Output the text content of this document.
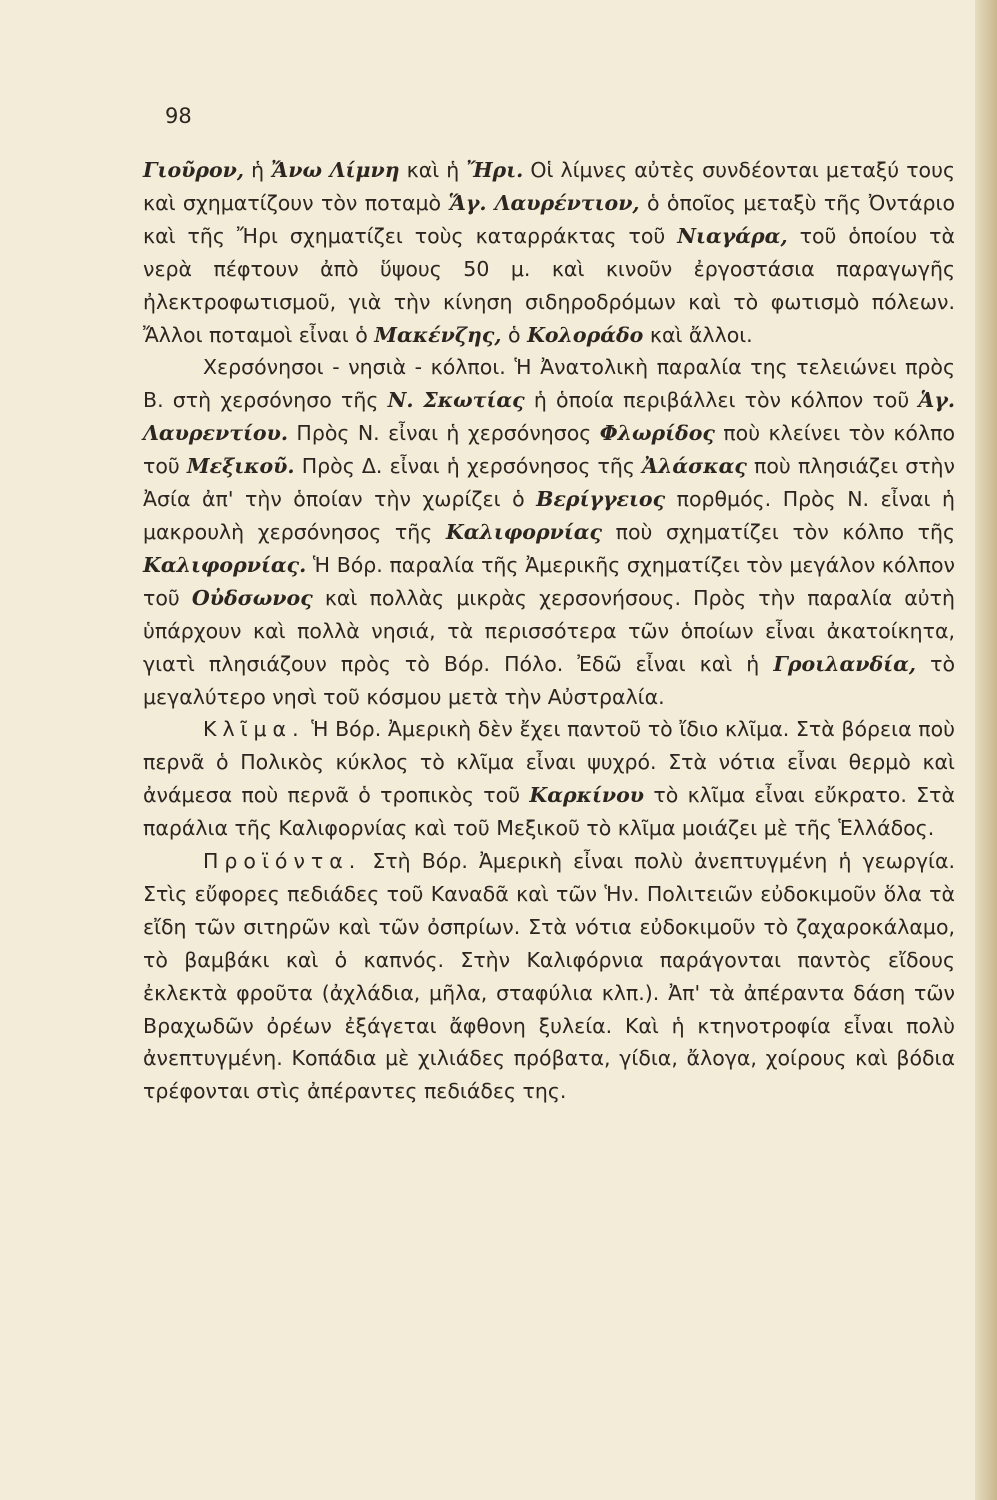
98

Γιοῦρον, ἡ Ἄνω Λίμνη καὶ ἡ Ἤρι. Οἱ λίμνες αὐτὲς συνδέονται μεταξύ τους καὶ σχηματίζουν τὸν ποταμὸ Ἅγ. Λαυρέντιον, ὁ ὁποῖος μεταξὺ τῆς Ὀντάριο καὶ τῆς Ἤρι σχηματίζει τοὺς καταρράκτας τοῦ Νιαγάρα, τοῦ ὁποίου τὰ νερὰ πέφτουν ἀπὸ ὕψους 50 μ. καὶ κινοῦν ἐργοστάσια παραγωγῆς ἠλεκτροφωτισμοῦ, γιὰ τὴν κίνηση σιδηροδρόμων καὶ τὸ φωτισμὸ πόλεων. Ἄλλοι ποταμοὶ εἶναι ὁ Μακένζης, ὁ Κολοράδο καὶ ἄλλοι.

Χερσόνησοι - νησιὰ - κόλποι. Ἡ Ἀνατολικὴ παραλία της τελειώνει πρὸς Β. στὴ χερσόνησο τῆς Ν. Σκωτίας ἡ ὁποία περιβάλλει τὸν κόλπον τοῦ Ἁγ. Λαυρεντίου. Πρὸς Ν. εἶναι ἡ χερσόνησος Φλωρίδος ποὺ κλείνει τὸν κόλπο τοῦ Μεξικοῦ. Πρὸς Δ. εἶναι ἡ χερσόνησος τῆς Ἀλάσκας ποὺ πλησιάζει στὴν Ἀσία ἀπ' τὴν ὁποίαν τὴν χωρίζει ὁ Βερίγγειος πορθμός. Πρὸς Ν. εἶναι ἡ μακρουλὴ χερσόνησος τῆς Καλιφορνίας ποὺ σχηματίζει τὸν κόλπο τῆς Καλιφορνίας. Ἡ Βόρ. παραλία τῆς Ἀμερικῆς σχηματίζει τὸν μεγάλον κόλπον τοῦ Οὐδσωνος καὶ πολλὰς μικρὰς χερσονήσους. Πρὸς τὴν παραλία αὐτὴ ὑπάρχουν καὶ πολλὰ νησιά, τὰ περισσότερα τῶν ὁποίων εἶναι ἀκατοίκητα, γιατὶ πλησιάζουν πρὸς τὸ Βόρ. Πόλο. Ἐδῶ εἶναι καὶ ἡ Γροιλανδία, τὸ μεγαλύτερο νησὶ τοῦ κόσμου μετὰ τὴν Αὐστραλία.

Κλῖμα. Ἡ Βόρ. Ἀμερικὴ δὲν ἔχει παντοῦ τὸ ἴδιο κλῖμα. Στὰ βόρεια ποὺ περνᾶ ὁ Πολικὸς κύκλος τὸ κλῖμα εἶναι ψυχρό. Στὰ νότια εἶναι θερμὸ καὶ ἀνάμεσα ποὺ περνᾶ ὁ τροπικὸς τοῦ Καρκίνου τὸ κλῖμα εἶναι εὔκρατο. Στὰ παράλια τῆς Καλιφορνίας καὶ τοῦ Μεξικοῦ τὸ κλῖμα μοιάζει μὲ τῆς Ἑλλάδος.

Προϊόντα. Στὴ Βόρ. Ἀμερικὴ εἶναι πολὺ ἀνεπτυγμένη ἡ γεωργία. Στὶς εὔφορες πεδιάδες τοῦ Καναδᾶ καὶ τῶν Ἡν. Πολιτειῶν εὐδοκιμοῦν ὅλα τὰ εἴδη τῶν σιτηρῶν καὶ τῶν ὀσπρίων. Στὰ νότια εὐδοκιμοῦν τὸ ζαχαροκάλαμο, τὸ βαμβάκι καὶ ὁ καπνός. Στὴν Καλιφόρνια παράγονται παντὸς εἴδους ἐκλεκτὰ φροῦτα (ἀχλάδια, μῆλα, σταφύλια κλπ.). Ἀπ' τὰ ἀπέραντα δάση τῶν Βραχωδῶν ὀρέων ἐξάγεται ἄφθονη ξυλεία. Καὶ ἡ κτηνοτροφία εἶναι πολὺ ἀνεπτυγμένη. Κοπάδια μὲ χιλιάδες πρόβατα, γίδια, ἄλογα, χοίρους καὶ βόδια τρέφονται στὶς ἀπέραντες πεδιάδες της.
